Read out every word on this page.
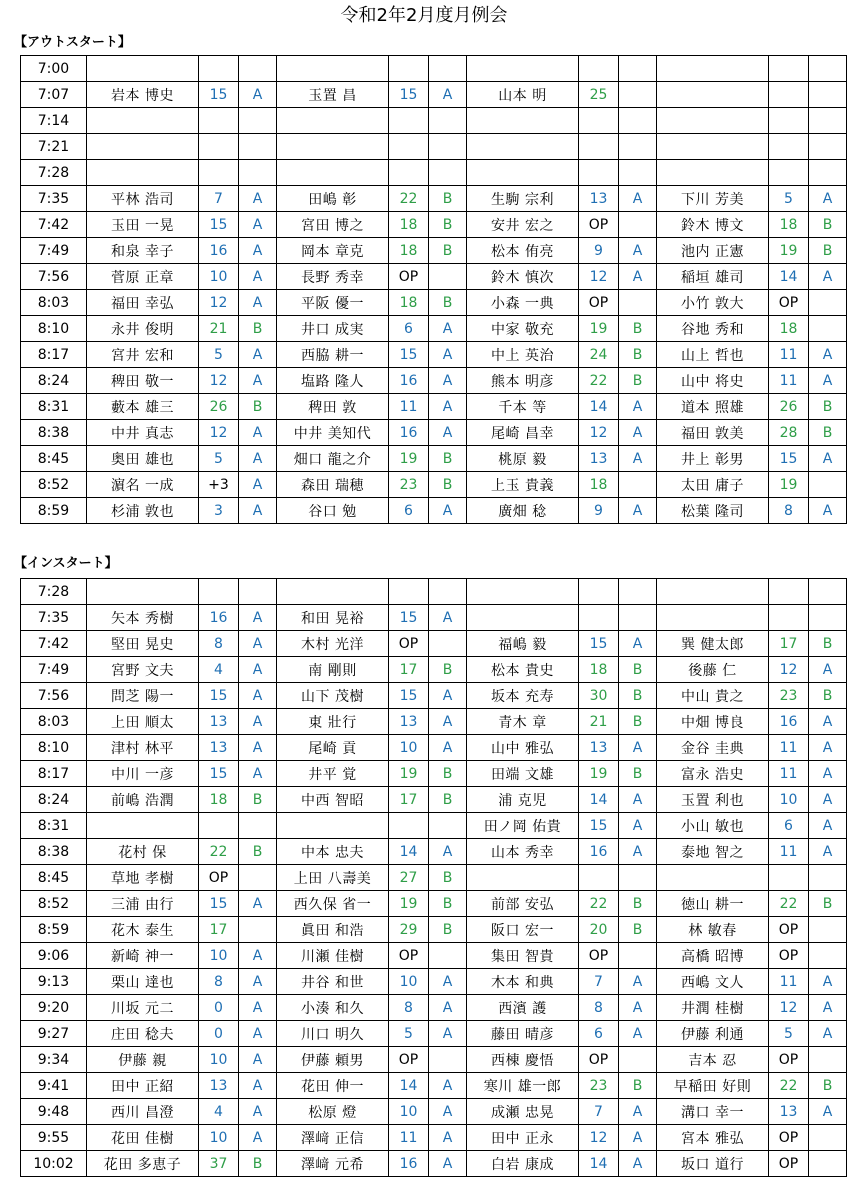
令和2年2月度月例会
【アウトスタート】
7:00												
7:07	岩本 博史	15	A	玉置 昌	15	A	山本 明	25				
7:14												
7:21												
7:28												
7:35	平林 浩司	7	A	田嶋 彰	22	B	生駒 宗利	13	A	下川 芳美	5	A
7:42	玉田 一晃	15	A	宮田 博之	18	B	安井 宏之	OP		鈴木 博文	18	B
7:49	和泉 幸子	16	A	岡本 章克	18	B	松本 侑亮	9	A	池内 正憲	19	B
7:56	菅原 正章	10	A	長野 秀幸	OP		鈴木 慎次	12	A	稲垣 雄司	14	A
8:03	福田 幸弘	12	A	平阪 優一	18	B	小森 一典	OP		小竹 敦大	OP	
8:10	永井 俊明	21	B	井口 成実	6	A	中家 敬充	19	B	谷地 秀和	18	
8:17	宮井 宏和	5	A	西脇 耕一	15	A	中上 英治	24	B	山上 哲也	11	A
8:24	稗田 敬一	12	A	塩路 隆人	16	A	熊本 明彦	22	B	山中 将史	11	A
8:31	藪本 雄三	26	B	稗田 敦	11	A	千本 等	14	A	道本 照雄	26	B
8:38	中井 真志	12	A	中井 美知代	16	A	尾崎 昌幸	12	A	福田 敦美	28	B
8:45	奥田 雄也	5	A	畑口 龍之介	19	B	桃原 毅	13	A	井上 彰男	15	A
8:52	濵名 一成	+3	A	森田 瑞穂	23	B	上玉 貴義	18		太田 庸子	19	
8:59	杉浦 敦也	3	A	谷口 勉	6	A	廣畑 稔	9	A	松葉 隆司	8	A
【インスタート】
7:28												
7:35	矢本 秀樹	16	A	和田 晃裕	15	A						
7:42	堅田 晃史	8	A	木村 光洋	OP		福嶋 毅	15	A	巽 健太郎	17	B
7:49	宮野 文夫	4	A	南 剛則	17	B	松本 貴史	18	B	後藤 仁	12	A
7:56	問芝 陽一	15	A	山下 茂樹	15	A	坂本 充寿	30	B	中山 貴之	23	B
8:03	上田 順太	13	A	東 壯行	13	A	青木 章	21	B	中畑 博良	16	A
8:10	津村 林平	13	A	尾崎 貢	10	A	山中 雅弘	13	A	金谷 圭典	11	A
8:17	中川 一彦	15	A	井平 覚	19	B	田端 文雄	19	B	富永 浩史	11	A
8:24	前嶋 浩潤	18	B	中西 智昭	17	B	浦 克児	14	A	玉置 利也	10	A
8:31							田ノ岡 佑貴	15	A	小山 敏也	6	A
8:38	花村 保	22	B	中本 忠夫	14	A	山本 秀幸	16	A	泰地 智之	11	A
8:45	草地 孝樹	OP		上田 八壽美	27	B						
8:52	三浦 由行	15	A	西久保 省一	19	B	前部 安弘	22	B	徳山 耕一	22	B
8:59	花木 泰生	17		眞田 和浩	29	B	阪口 宏一	20	B	林 敏春	OP	
9:06	新崎 神一	10	A	川瀬 佳樹	OP		集田 智貴	OP		高橋 昭博	OP	
9:13	栗山 達也	8	A	井谷 和世	10	A	木本 和典	7	A	西嶋 文人	11	A
9:20	川坂 元二	0	A	小湊 和久	8	A	西濱 護	8	A	井潤 桂樹	12	A
9:27	庄田 稔夫	0	A	川口 明久	5	A	藤田 晴彦	6	A	伊藤 利通	5	A
9:34	伊藤 親	10	A	伊藤 頼男	OP		西棟 慶悟	OP		吉本 忍	OP	
9:41	田中 正紹	13	A	花田 伸一	14	A	寒川 雄一郎	23	B	早稲田 好則	22	B
9:48	西川 昌澄	4	A	松原 燈	10	A	成瀬 忠晃	7	A	溝口 幸一	13	A
9:55	花田 佳樹	10	A	澤﨑 正信	11	A	田中 正永	12	A	宮本 雅弘	OP	
10:02	花田 多恵子	37	B	澤﨑 元希	16	A	白岩 康成	14	A	坂口 道行	OP	
